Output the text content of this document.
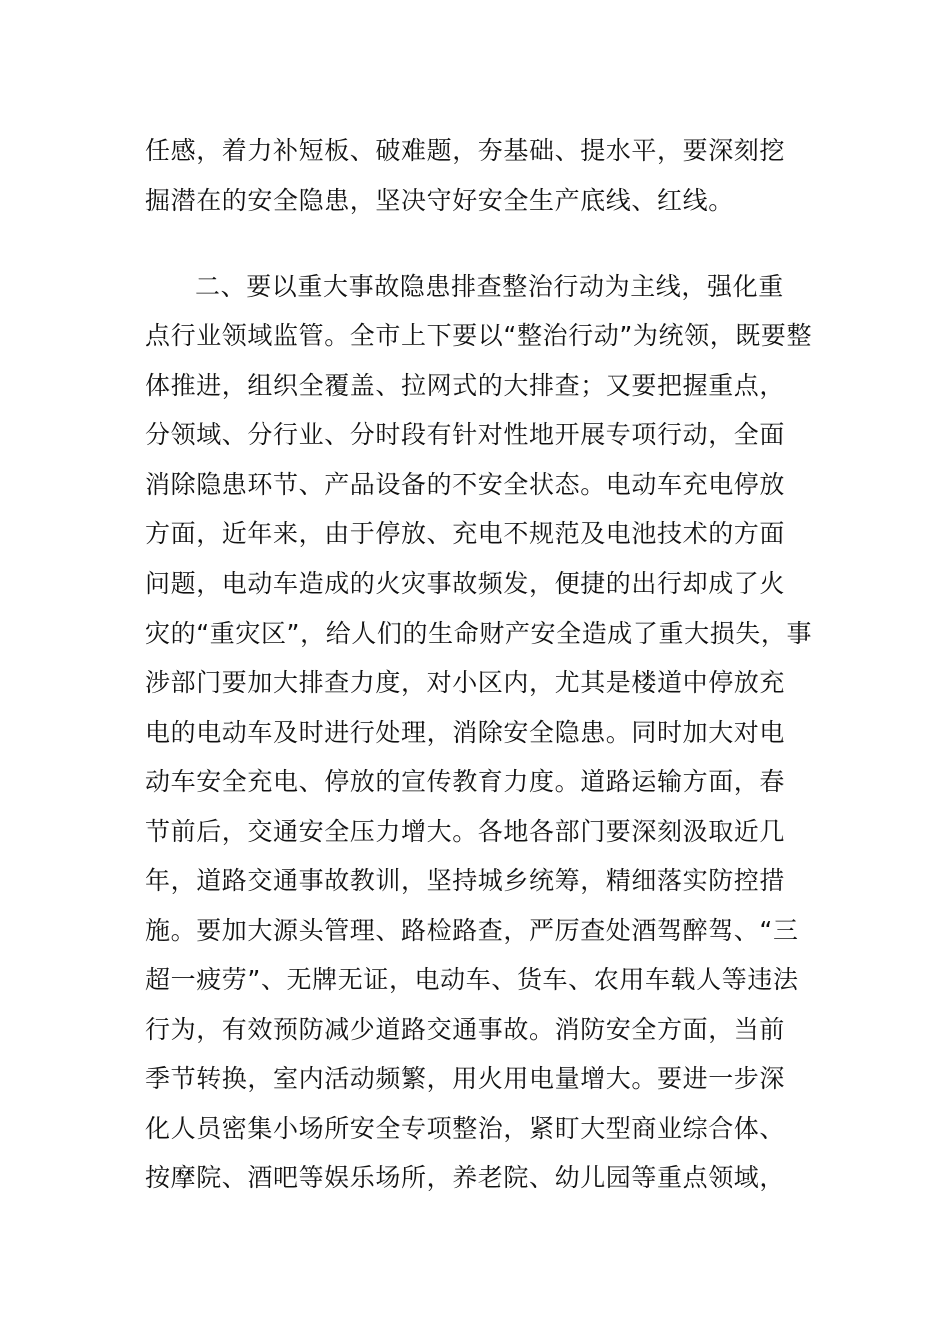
任感，着力补短板、破难题，夯基础、提水平，要深刻挖
掘潜在的安全隐患，坚决守好安全生产底线、红线。
二、要以重大事故隐患排查整治行动为主线，强化重
点行业领域监管。全市上下要以“整治行动”为统领，既要整
体推进，组织全覆盖、拉网式的大排查；又要把握重点，
分领域、分行业、分时段有针对性地开展专项行动，全面
消除隐患环节、产品设备的不安全状态。电动车充电停放
方面，近年来，由于停放、充电不规范及电池技术的方面
问题，电动车造成的火灾事故频发，便捷的出行却成了火
灾的“重灾区”，给人们的生命财产安全造成了重大损失，事
涉部门要加大排查力度，对小区内，尤其是楼道中停放充
电的电动车及时进行处理，消除安全隐患。同时加大对电
动车安全充电、停放的宣传教育力度。道路运输方面，春
节前后，交通安全压力增大。各地各部门要深刻汲取近几
年，道路交通事故教训，坚持城乡统筹，精细落实防控措
施。要加大源头管理、路检路查，严厉查处酒驾醉驾、“三
超一疲劳”、无牌无证，电动车、货车、农用车载人等违法
行为，有效预防减少道路交通事故。消防安全方面，当前
季节转换，室内活动频繁，用火用电量增大。要进一步深
化人员密集小场所安全专项整治，紧盯大型商业综合体、
按摩院、酒吧等娱乐场所，养老院、幼儿园等重点领域，
